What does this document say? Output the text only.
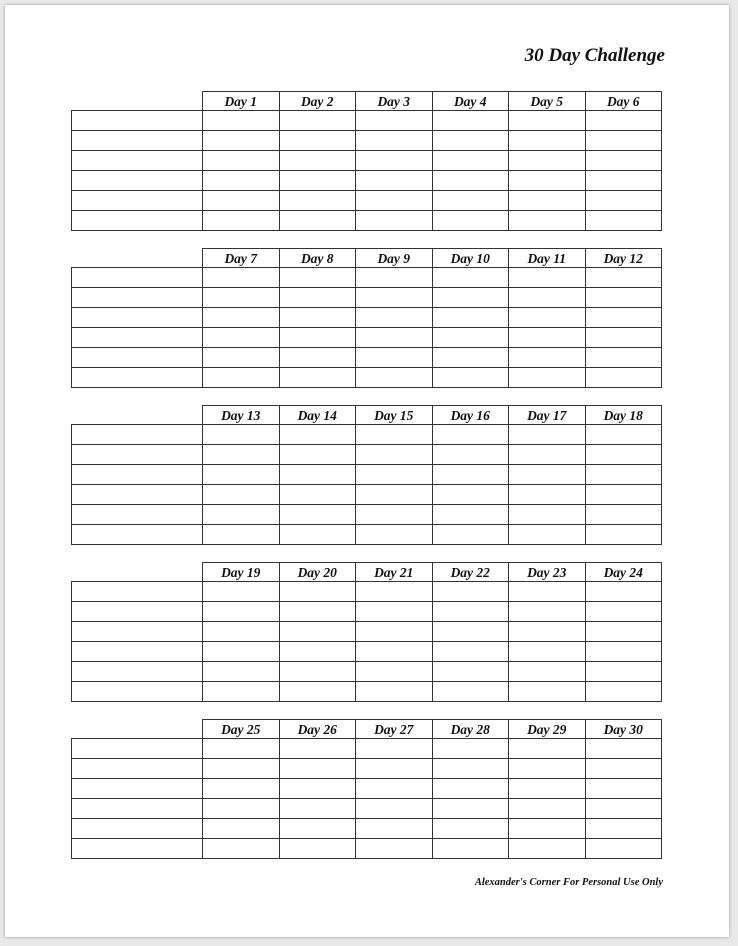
30 Day Challenge
Day 1	Day 2	Day 3	Day 4	Day 5	Day 6
Day 7	Day 8	Day 9	Day 10	Day 11	Day 12
Day 13	Day 14	Day 15	Day 16	Day 17	Day 18
Day 19	Day 20	Day 21	Day 22	Day 23	Day 24
Day 25	Day 26	Day 27	Day 28	Day 29	Day 30
Alexander's Corner For Personal Use Only
